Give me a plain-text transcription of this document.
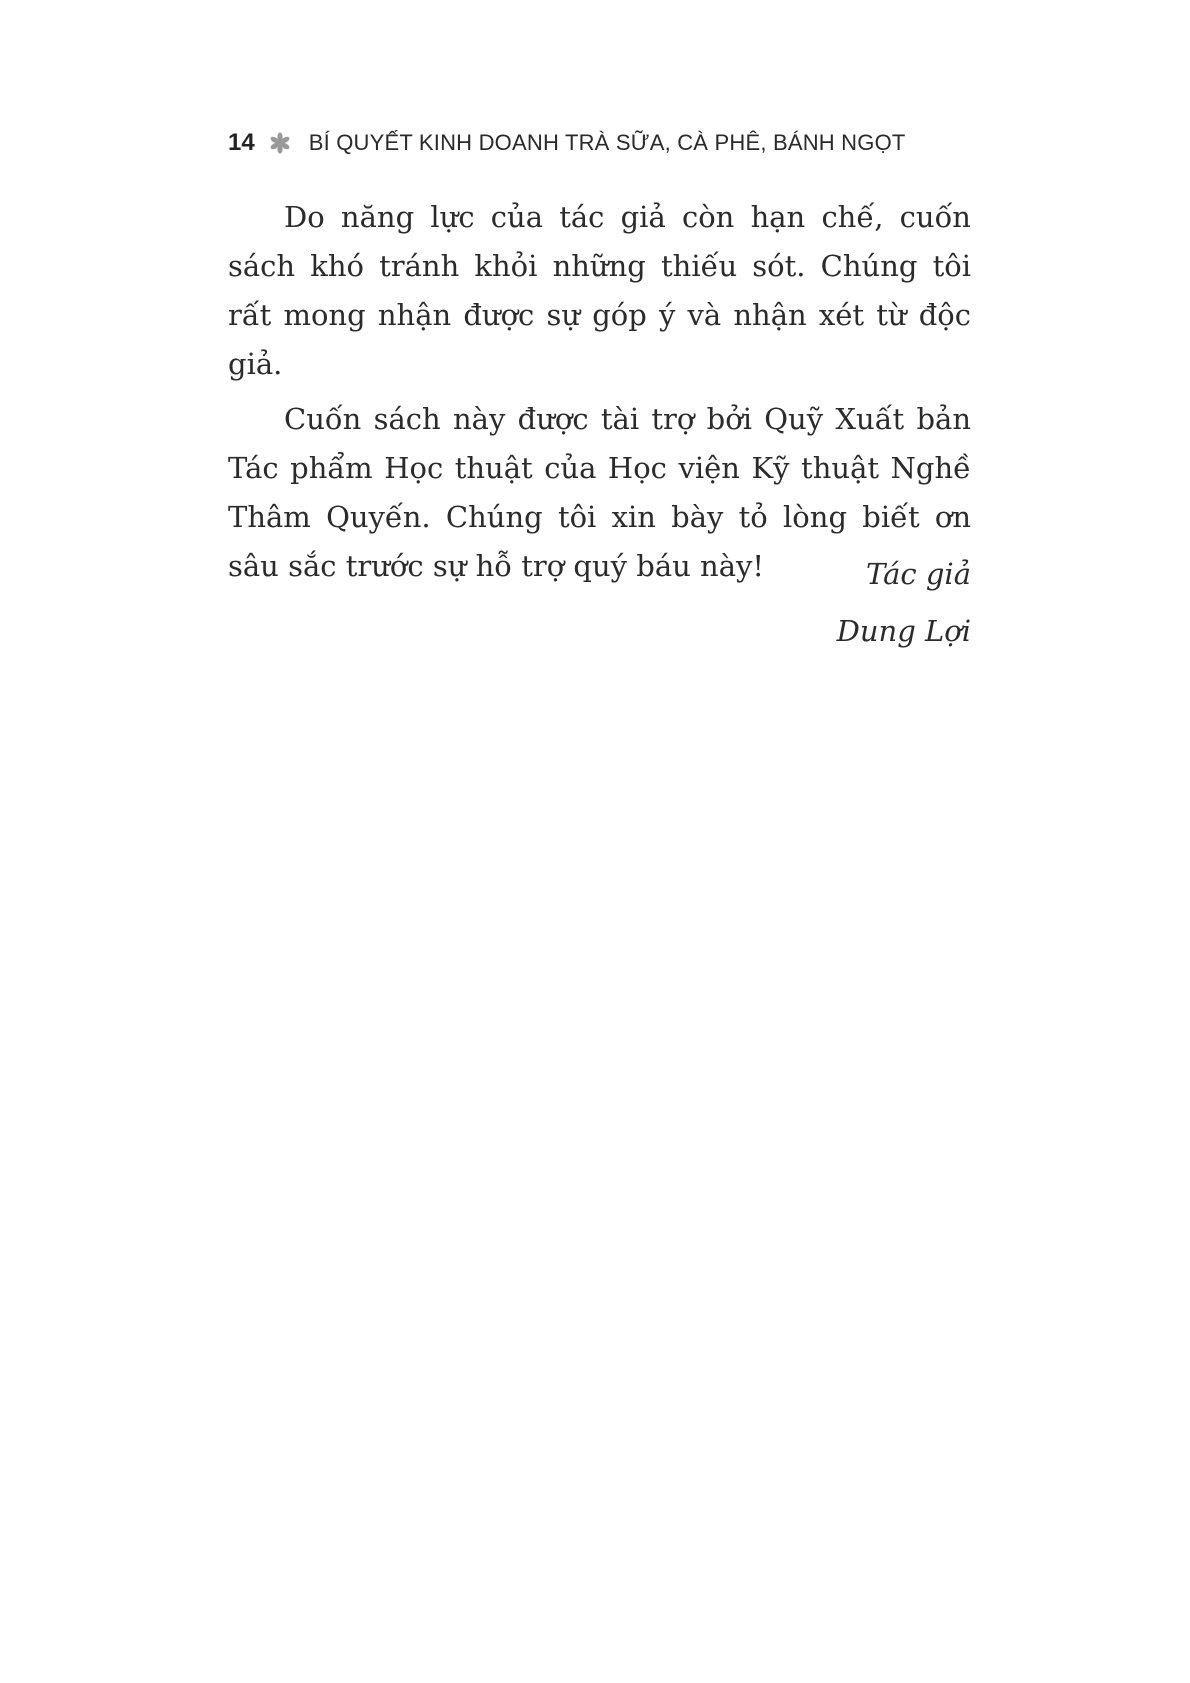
14 BÍ QUYẾT KINH DOANH TRÀ SỮA, CÀ PHÊ, BÁNH NGỌT

Do năng lực của tác giả còn hạn chế, cuốn sách khó tránh khỏi những thiếu sót. Chúng tôi rất mong nhận được sự góp ý và nhận xét từ độc giả.

Cuốn sách này được tài trợ bởi Quỹ Xuất bản Tác phẩm Học thuật của Học viện Kỹ thuật Nghề Thâm Quyến. Chúng tôi xin bày tỏ lòng biết ơn sâu sắc trước sự hỗ trợ quý báu này!	Tác giả
Dung Lợi
